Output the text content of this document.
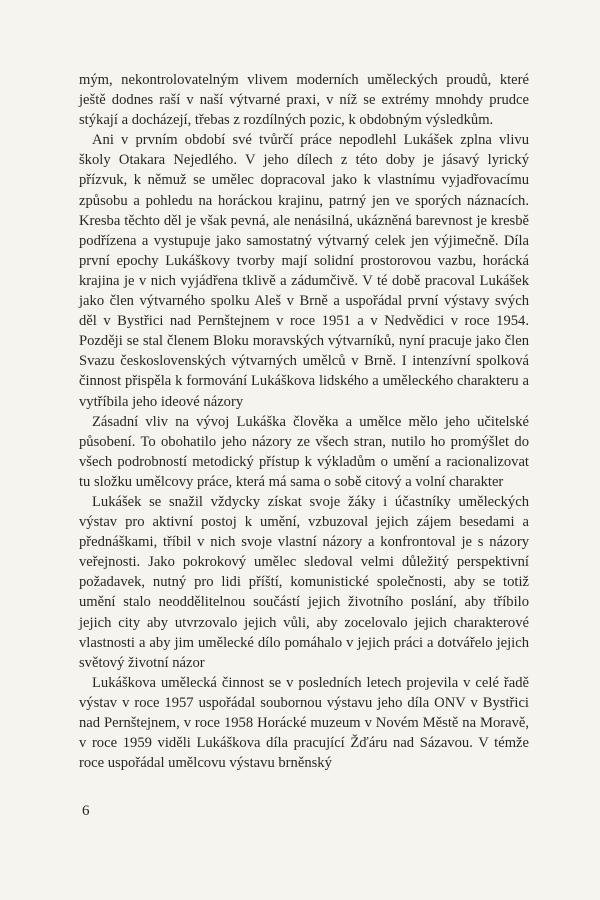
mým, nekontrolovatelným vlivem moderních uměleckých proudů, které ještě dodnes raší v naší výtvarné praxi, v níž se extrémy mnohdy prudce stýkají a docházejí, třebas z rozdílných pozic, k obdobným výsledkům.

Ani v prvním období své tvůrčí práce nepodlehl Lukášek zplna vlivu školy Otakara Nejedlého. V jeho dílech z této doby je jásavý lyrický přízvuk, k němuž se umělec dopracoval jako k vlastnímu vyjadřovacímu způsobu a pohledu na horáckou krajinu, patrný jen ve sporých náznacích. Kresba těchto děl je však pevná, ale nenásilná, ukázněná barevnost je kresbě podřízena a vystupuje jako samostatný výtvarný celek jen výjimečně. Díla první epochy Lukáškovy tvorby mají solidní prostorovou vazbu, horácká krajina je v nich vyjádřena tklivě a zádumčivě. V té době pracoval Lukášek jako člen výtvarného spolku Aleš v Brně a uspořádal první výstavy svých děl v Bystřici nad Pernštejnem v roce 1951 a v Nedvědici v roce 1954. Později se stal členem Bloku moravských výtvarníků, nyní pracuje jako člen Svazu československých výtvarných umělců v Brně. I intenzívní spolková činnost přispěla k formování Lukáškova lidského a uměleckého charakteru a vytříbila jeho ideové názory

Zásadní vliv na vývoj Lukáška člověka a umělce mělo jeho učitelské působení. To obohatilo jeho názory ze všech stran, nutilo ho promýšlet do všech podrobností metodický přístup k výkladům o umění a racionalizovat tu složku umělcovy práce, která má sama o sobě citový a volní charakter

Lukášek se snažil vždycky získat svoje žáky i účastníky uměleckých výstav pro aktivní postoj k umění, vzbuzoval jejich zájem besedami a přednáškami, tříbil v nich svoje vlastní názory a konfrontoval je s názory veřejnosti. Jako pokrokový umělec sledoval velmi důležitý perspektivní požadavek, nutný pro lidi příští, komunistické společnosti, aby se totiž umění stalo neoddělitelnou součástí jejich životního poslání, aby tříbilo jejich city aby utvrzovalo jejich vůli, aby zocelovalo jejich charakterové vlastnosti a aby jim umělecké dílo pomáhalo v jejich práci a dotvářelo jejich světový životní názor

Lukáškova umělecká činnost se v posledních letech projevila v celé řadě výstav v roce 1957 uspořádal soubornou výstavu jeho díla ONV v Bystřici nad Pernštejnem, v roce 1958 Horácké muzeum v Novém Městě na Moravě, v roce 1959 viděli Lukáškova díla pracující Žďáru nad Sázavou. V témže roce uspořádal umělcovu výstavu brněnský

6
